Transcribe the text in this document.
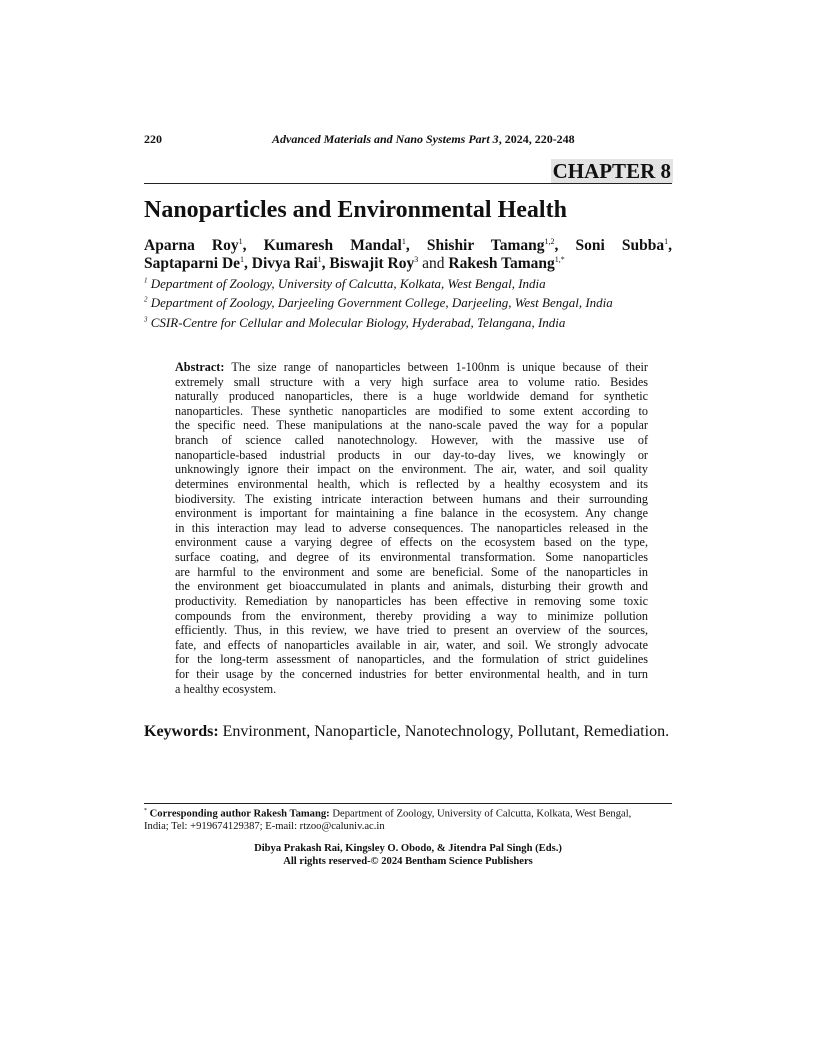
220	Advanced Materials and Nano Systems Part 3, 2024, 220-248
CHAPTER 8
Nanoparticles and Environmental Health
Aparna Roy$^1$, Kumaresh Mandal$^1$, Shishir Tamang$^{1,2}$, Soni Subba$^1$,
Saptaparni De$^1$, Divya Rai$^1$, Biswajit Roy$^3$ and Rakesh Tamang$^{1,*}$
$^1$ Department of Zoology, University of Calcutta, Kolkata, West Bengal, India
$^2$ Department of Zoology, Darjeeling Government College, Darjeeling, West Bengal, India
$^3$ CSIR-Centre for Cellular and Molecular Biology, Hyderabad, Telangana, India
Abstract: The size range of nanoparticles between 1-100nm is unique because of their
extremely small structure with a very high surface area to volume ratio. Besides
naturally produced nanoparticles, there is a huge worldwide demand for synthetic
nanoparticles. These synthetic nanoparticles are modified to some extent according to
the specific need. These manipulations at the nano-scale paved the way for a popular
branch of science called nanotechnology. However, with the massive use of
nanoparticle-based industrial products in our day-to-day lives, we knowingly or
unknowingly ignore their impact on the environment. The air, water, and soil quality
determines environmental health, which is reflected by a healthy ecosystem and its
biodiversity. The existing intricate interaction between humans and their surrounding
environment is important for maintaining a fine balance in the ecosystem. Any change
in this interaction may lead to adverse consequences. The nanoparticles released in the
environment cause a varying degree of effects on the ecosystem based on the type,
surface coating, and degree of its environmental transformation. Some nanoparticles
are harmful to the environment and some are beneficial. Some of the nanoparticles in
the environment get bioaccumulated in plants and animals, disturbing their growth and
productivity. Remediation by nanoparticles has been effective in removing some toxic
compounds from the environment, thereby providing a way to minimize pollution
efficiently. Thus, in this review, we have tried to present an overview of the sources,
fate, and effects of nanoparticles available in air, water, and soil. We strongly advocate
for the long-term assessment of nanoparticles, and the formulation of strict guidelines
for their usage by the concerned industries for better environmental health, and in turn
a healthy ecosystem.
Keywords: Environment, Nanoparticle, Nanotechnology, Pollutant, Remediation.
* Corresponding author Rakesh Tamang: Department of Zoology, University of Calcutta, Kolkata, West Bengal,
India; Tel: +919674129387; E-mail: rtzoo@caluniv.ac.in
Dibya Prakash Rai, Kingsley O. Obodo, & Jitendra Pal Singh (Eds.)
All rights reserved-© 2024 Bentham Science Publishers
